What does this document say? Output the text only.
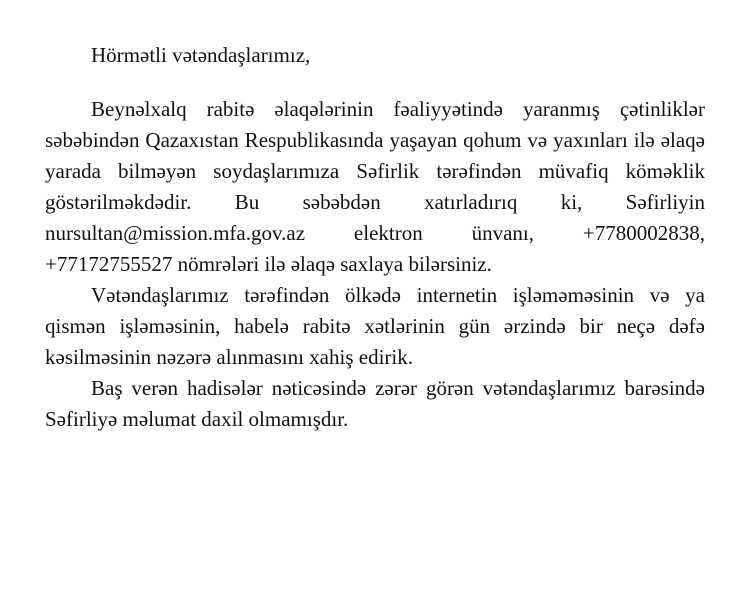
Hörmətli vətəndaşlarımız,

Beynəlxalq rabitə əlaqələrinin fəaliyyətində yaranmış çətinliklər səbəbindən Qazaxıstan Respublikasında yaşayan qohum və yaxınları ilə əlaqə yarada bilməyən soydaşlarımıza Səfirlik tərəfindən müvafiq köməklik göstərilməkdədir. Bu səbəbdən xatırladırıq ki, Səfirliyin nursultan@mission.mfa.gov.az elektron ünvanı, +7780002838, +77172755527 nömrələri ilə əlaqə saxlaya bilərsiniz.

Vətəndaşlarımız tərəfindən ölkədə internetin işləməməsinin və ya qismən işləməsinin, habelə rabitə xətlərinin gün ərzində bir neçə dəfə kəsilməsinin nəzərə alınmasını xahiş edirik.

Baş verən hadisələr nəticəsində zərər görən vətəndaşlarımız barəsində Səfirliyə məlumat daxil olmamışdır.
